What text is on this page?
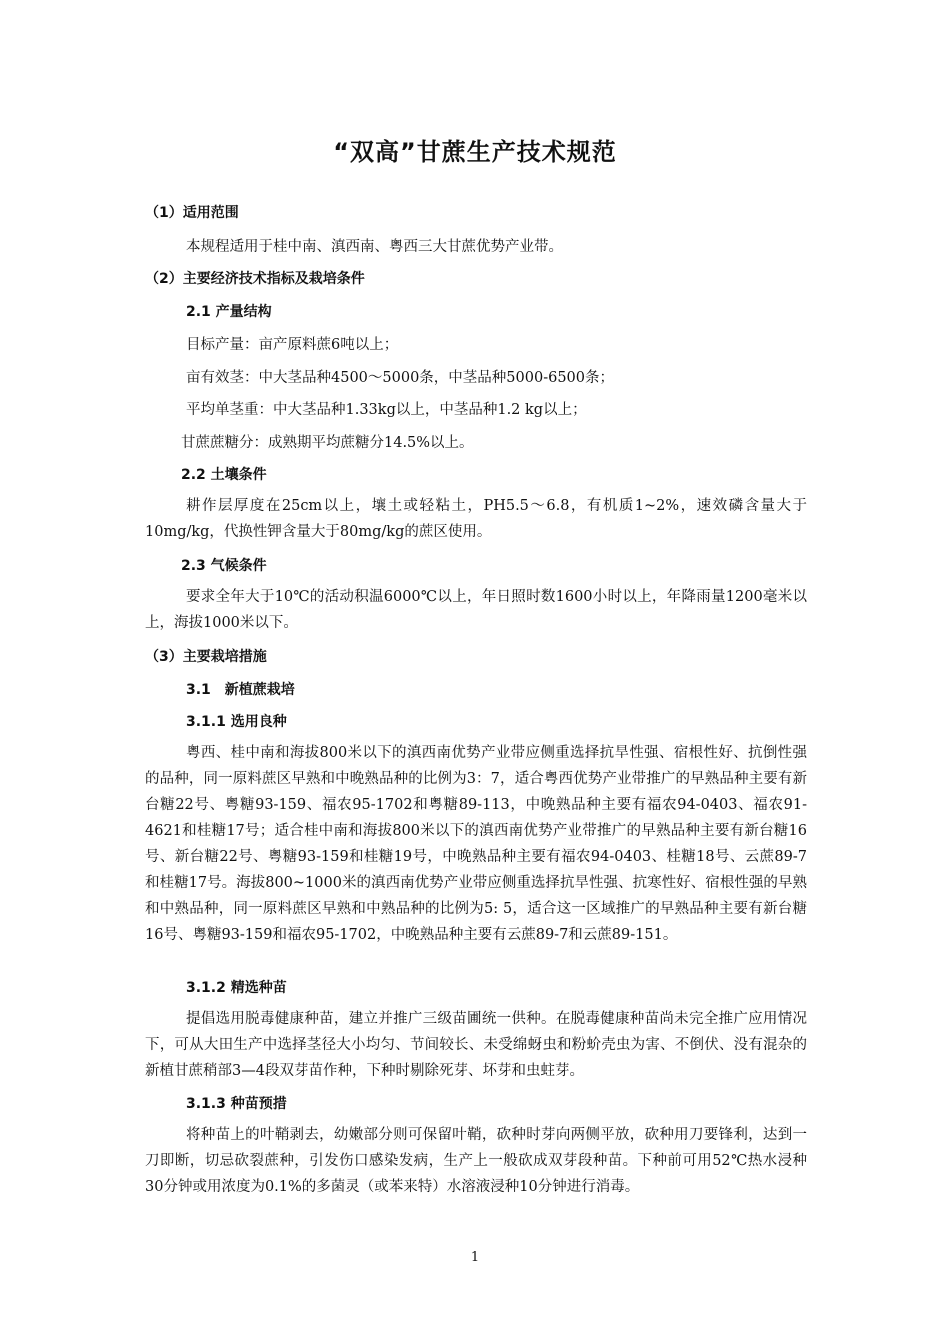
“双高”甘蔗生产技术规范
（1）适用范围
本规程适用于桂中南、滇西南、粤西三大甘蔗优势产业带。
（2）主要经济技术指标及栽培条件
2.1 产量结构
目标产量：亩产原料蔗6吨以上；
亩有效茎：中大茎品种4500～5000条，中茎品种5000-6500条；
平均单茎重：中大茎品种1.33kg以上，中茎品种1.2 kg以上；
甘蔗蔗糖分：成熟期平均蔗糖分14.5%以上。
2.2 土壤条件
耕作层厚度在25cm以上，壤土或轻粘土，PH5.5～6.8，有机质1~2%，速效磷含量大于10mg/kg，代换性钾含量大于80mg/kg的蔗区使用。
2.3 气候条件
要求全年大于10℃的活动积温6000℃以上，年日照时数1600小时以上，年降雨量1200毫米以上，海拔1000米以下。
（3）主要栽培措施
3.1　新植蔗栽培
3.1.1 选用良种
粤西、桂中南和海拔800米以下的滇西南优势产业带应侧重选择抗旱性强、宿根性好、抗倒性强的品种，同一原料蔗区早熟和中晚熟品种的比例为3：7，适合粤西优势产业带推广的早熟品种主要有新台糖22号、粤糖93-159、福农95-1702和粤糖89-113，中晚熟品种主要有福农94-0403、福农91-4621和桂糖17号；适合桂中南和海拔800米以下的滇西南优势产业带推广的早熟品种主要有新台糖16号、新台糖22号、粤糖93-159和桂糖19号，中晚熟品种主要有福农94-0403、桂糖18号、云蔗89-7和桂糖17号。海拔800~1000米的滇西南优势产业带应侧重选择抗旱性强、抗寒性好、宿根性强的早熟和中熟品种，同一原料蔗区早熟和中熟品种的比例为5: 5，适合这一区域推广的早熟品种主要有新台糖16号、粤糖93-159和福农95-1702，中晚熟品种主要有云蔗89-7和云蔗89-151。
3.1.2 精选种苗
提倡选用脱毒健康种苗，建立并推广三级苗圃统一供种。在脱毒健康种苗尚未完全推广应用情况下，可从大田生产中选择茎径大小均匀、节间较长、未受绵蚜虫和粉蚧壳虫为害、不倒伏、没有混杂的新植甘蔗稍部3—4段双芽苗作种，下种时剔除死芽、坏芽和虫蛀芽。
3.1.3 种苗预措
将种苗上的叶鞘剥去，幼嫩部分则可保留叶鞘，砍种时芽向两侧平放，砍种用刀要锋利，达到一刀即断，切忌砍裂蔗种，引发伤口感染发病，生产上一般砍成双芽段种苗。下种前可用52℃热水浸种30分钟或用浓度为0.1%的多菌灵（或苯来特）水溶液浸种10分钟进行消毒。
1
